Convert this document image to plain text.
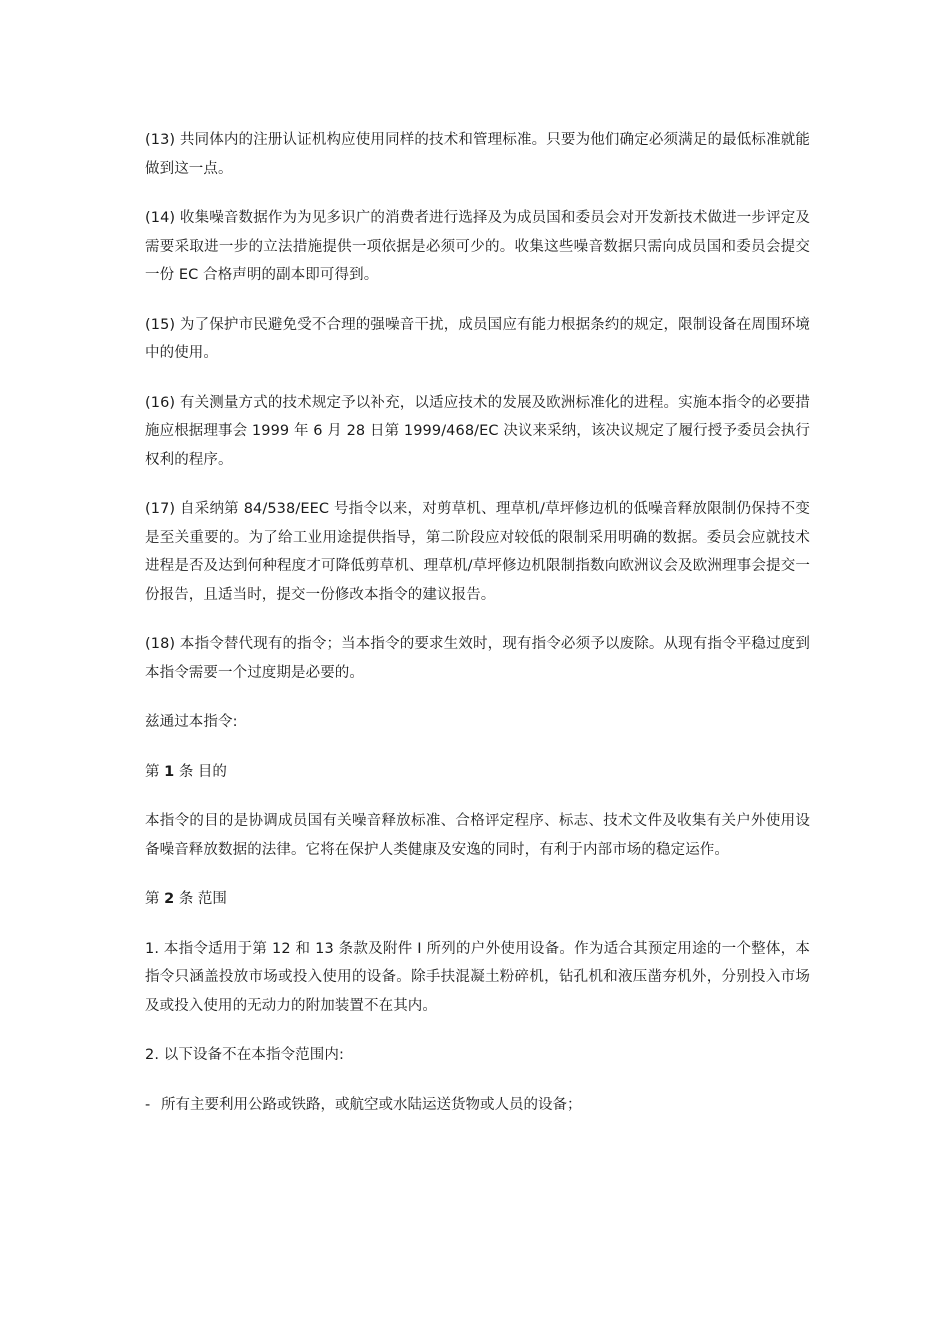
(13) 共同体内的注册认证机构应使用同样的技术和管理标准。只要为他们确定必须满足的最低标准就能做到这一点。

(14) 收集噪音数据作为为见多识广的消费者进行选择及为成员国和委员会对开发新技术做进一步评定及需要采取进一步的立法措施提供一项依据是必须可少的。收集这些噪音数据只需向成员国和委员会提交一份 EC 合格声明的副本即可得到。

(15) 为了保护市民避免受不合理的强噪音干扰，成员国应有能力根据条约的规定，限制设备在周围环境中的使用。

(16) 有关测量方式的技术规定予以补充，以适应技术的发展及欧洲标准化的进程。实施本指令的必要措施应根据理事会 1999 年 6 月 28 日第 1999/468/EC 决议来采纳，该决议规定了履行授予委员会执行权利的程序。

(17) 自采纳第 84/538/EEC 号指令以来，对剪草机、理草机/草坪修边机的低噪音释放限制仍保持不变是至关重要的。为了给工业用途提供指导，第二阶段应对较低的限制采用明确的数据。委员会应就技术进程是否及达到何种程度才可降低剪草机、理草机/草坪修边机限制指数向欧洲议会及欧洲理事会提交一份报告，且适当时，提交一份修改本指令的建议报告。

(18) 本指令替代现有的指令；当本指令的要求生效时，现有指令必须予以废除。从现有指令平稳过度到本指令需要一个过度期是必要的。

兹通过本指令:

第 1 条 目的

本指令的目的是协调成员国有关噪音释放标准、合格评定程序、标志、技术文件及收集有关户外使用设备噪音释放数据的法律。它将在保护人类健康及安逸的同时，有利于内部市场的稳定运作。

第 2 条 范围

1. 本指令适用于第 12 和 13 条款及附件 I 所列的户外使用设备。作为适合其预定用途的一个整体，本指令只涵盖投放市场或投入使用的设备。除手扶混凝土粉碎机，钻孔机和液压凿夯机外，分别投入市场及或投入使用的无动力的附加装置不在其内。

2. 以下设备不在本指令范围内:

- 所有主要利用公路或铁路，或航空或水陆运送货物或人员的设备；
